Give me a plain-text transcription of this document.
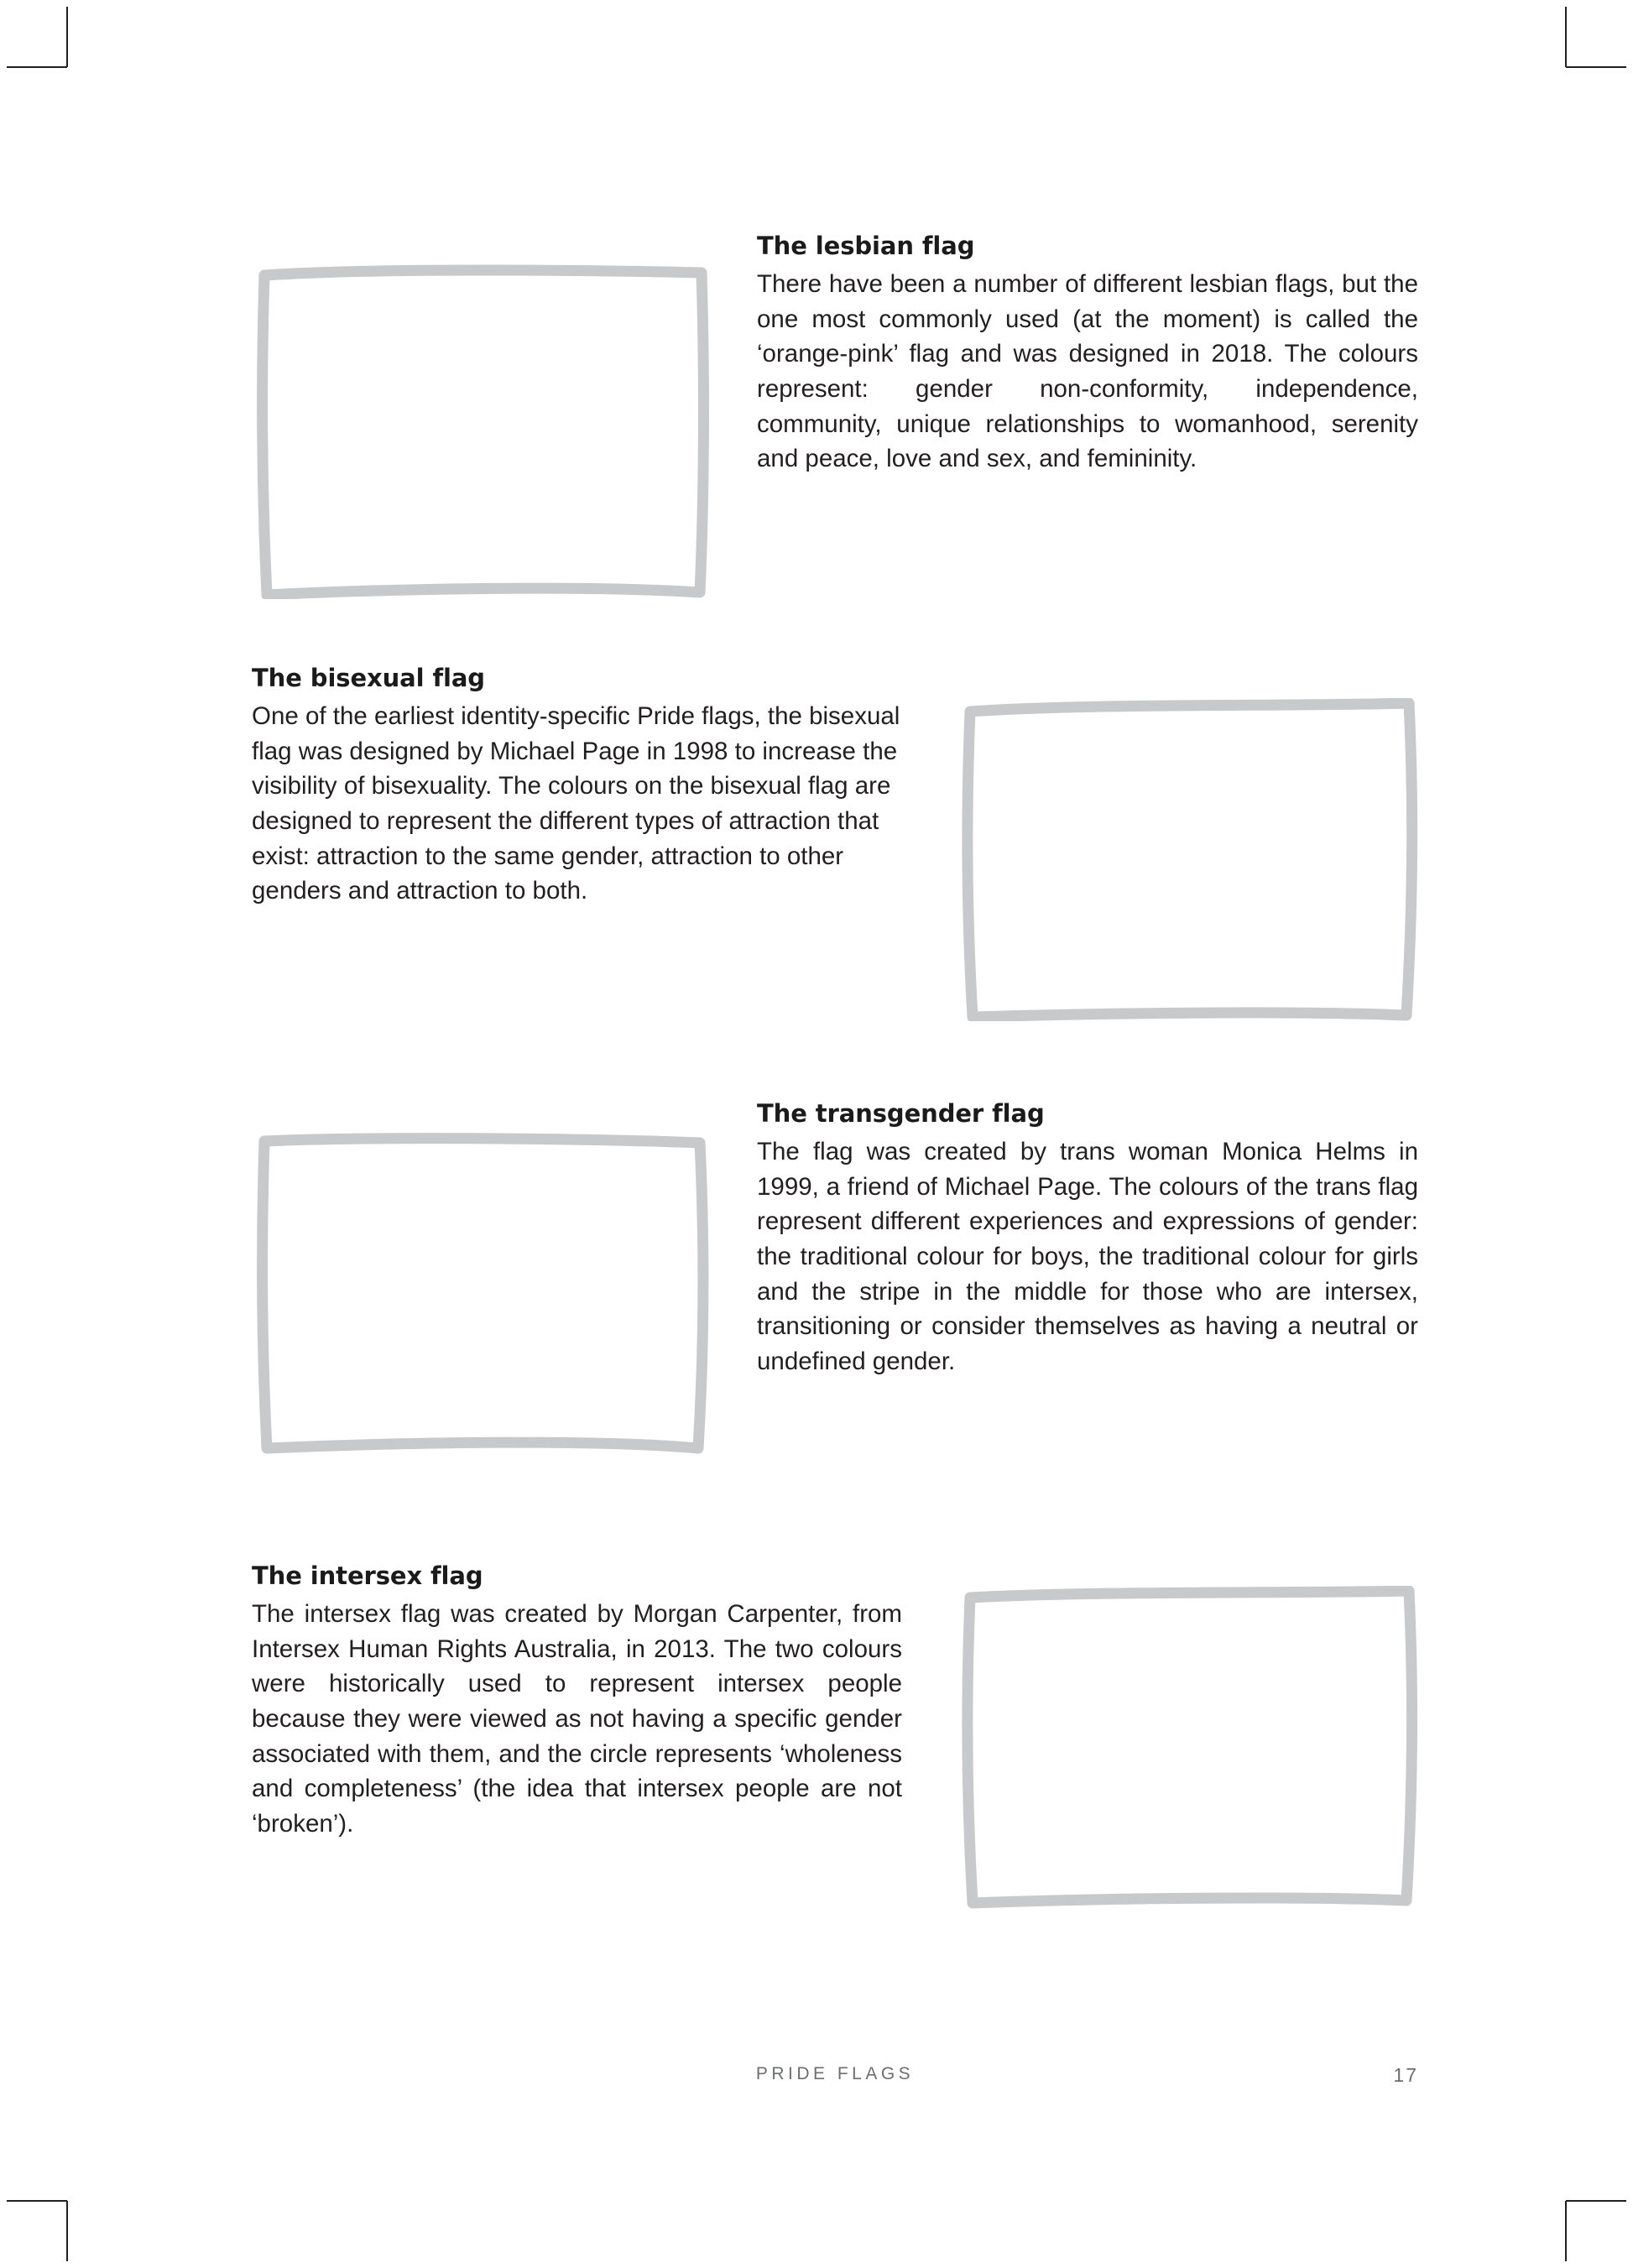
The lesbian flag

There have been a number of different lesbian flags, but the one most commonly used (at the moment) is called the ‘orange-pink’ flag and was designed in 2018. The colours represent: gender non-conformity, independence, community, unique relationships to womanhood, serenity and peace, love and sex, and femininity.

The bisexual flag

One of the earliest identity-specific Pride flags, the bisexual flag was designed by Michael Page in 1998 to increase the visibility of bisexuality. The colours on the bisexual flag are designed to represent the different types of attraction that exist: attraction to the same gender, attraction to other genders and attraction to both.

The transgender flag

The flag was created by trans woman Monica Helms in 1999, a friend of Michael Page. The colours of the trans flag represent different experiences and expressions of gender: the traditional colour for boys, the traditional colour for girls and the stripe in the middle for those who are intersex, transitioning or consider themselves as having a neutral or undefined gender.

The intersex flag

The intersex flag was created by Morgan Carpenter, from Intersex Human Rights Australia, in 2013. The two colours were historically used to represent intersex people because they were viewed as not having a specific gender associated with them, and the circle represents ‘wholeness and completeness’ (the idea that intersex people are not ‘broken’).

PRIDE FLAGS	17
